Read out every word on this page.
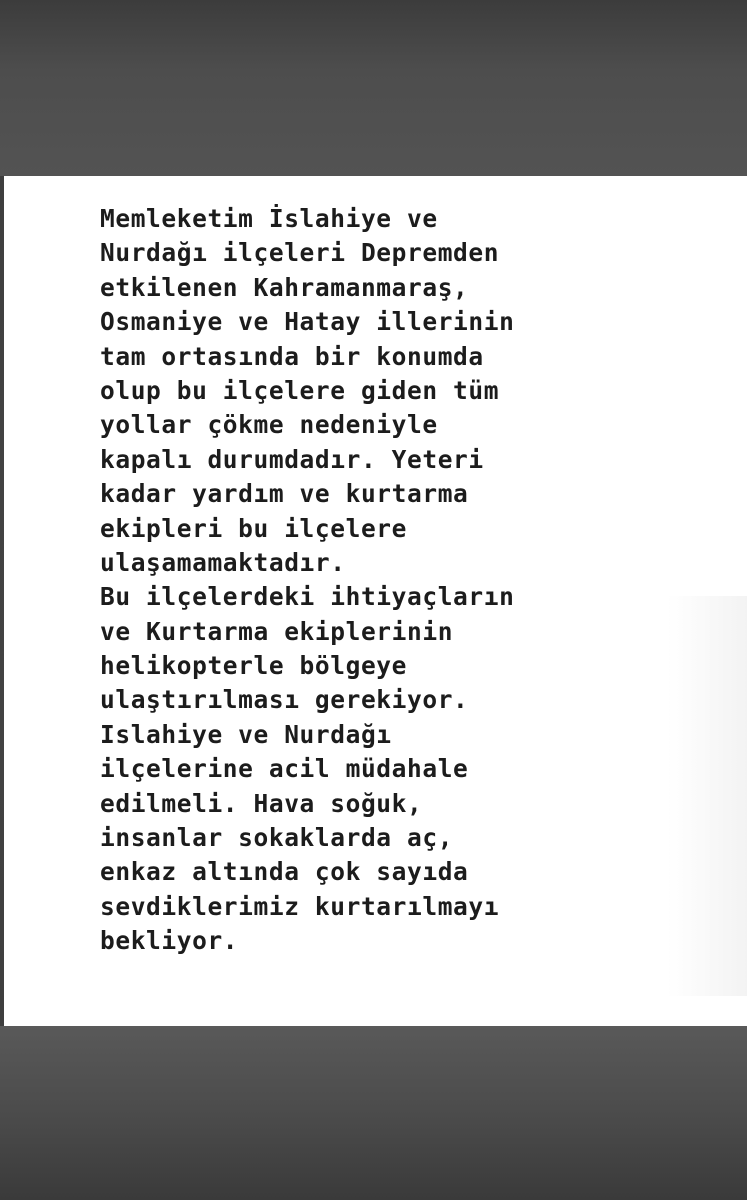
Memleketim İslahiye ve
Nurdağı ilçeleri Depremden
etkilenen Kahramanmaraş,
Osmaniye ve Hatay illerinin
tam ortasında bir konumda
olup bu ilçelere giden tüm
yollar çökme nedeniyle
kapalı durumdadır. Yeteri
kadar yardım ve kurtarma
ekipleri bu ilçelere
ulaşamamaktadır.
Bu ilçelerdeki ihtiyaçların
ve Kurtarma ekiplerinin
helikopterle bölgeye
ulaştırılması gerekiyor.
Islahiye ve Nurdağı
ilçelerine acil müdahale
edilmeli. Hava soğuk,
insanlar sokaklarda aç,
enkaz altında çok sayıda
sevdiklerimiz kurtarılmayı
bekliyor.
